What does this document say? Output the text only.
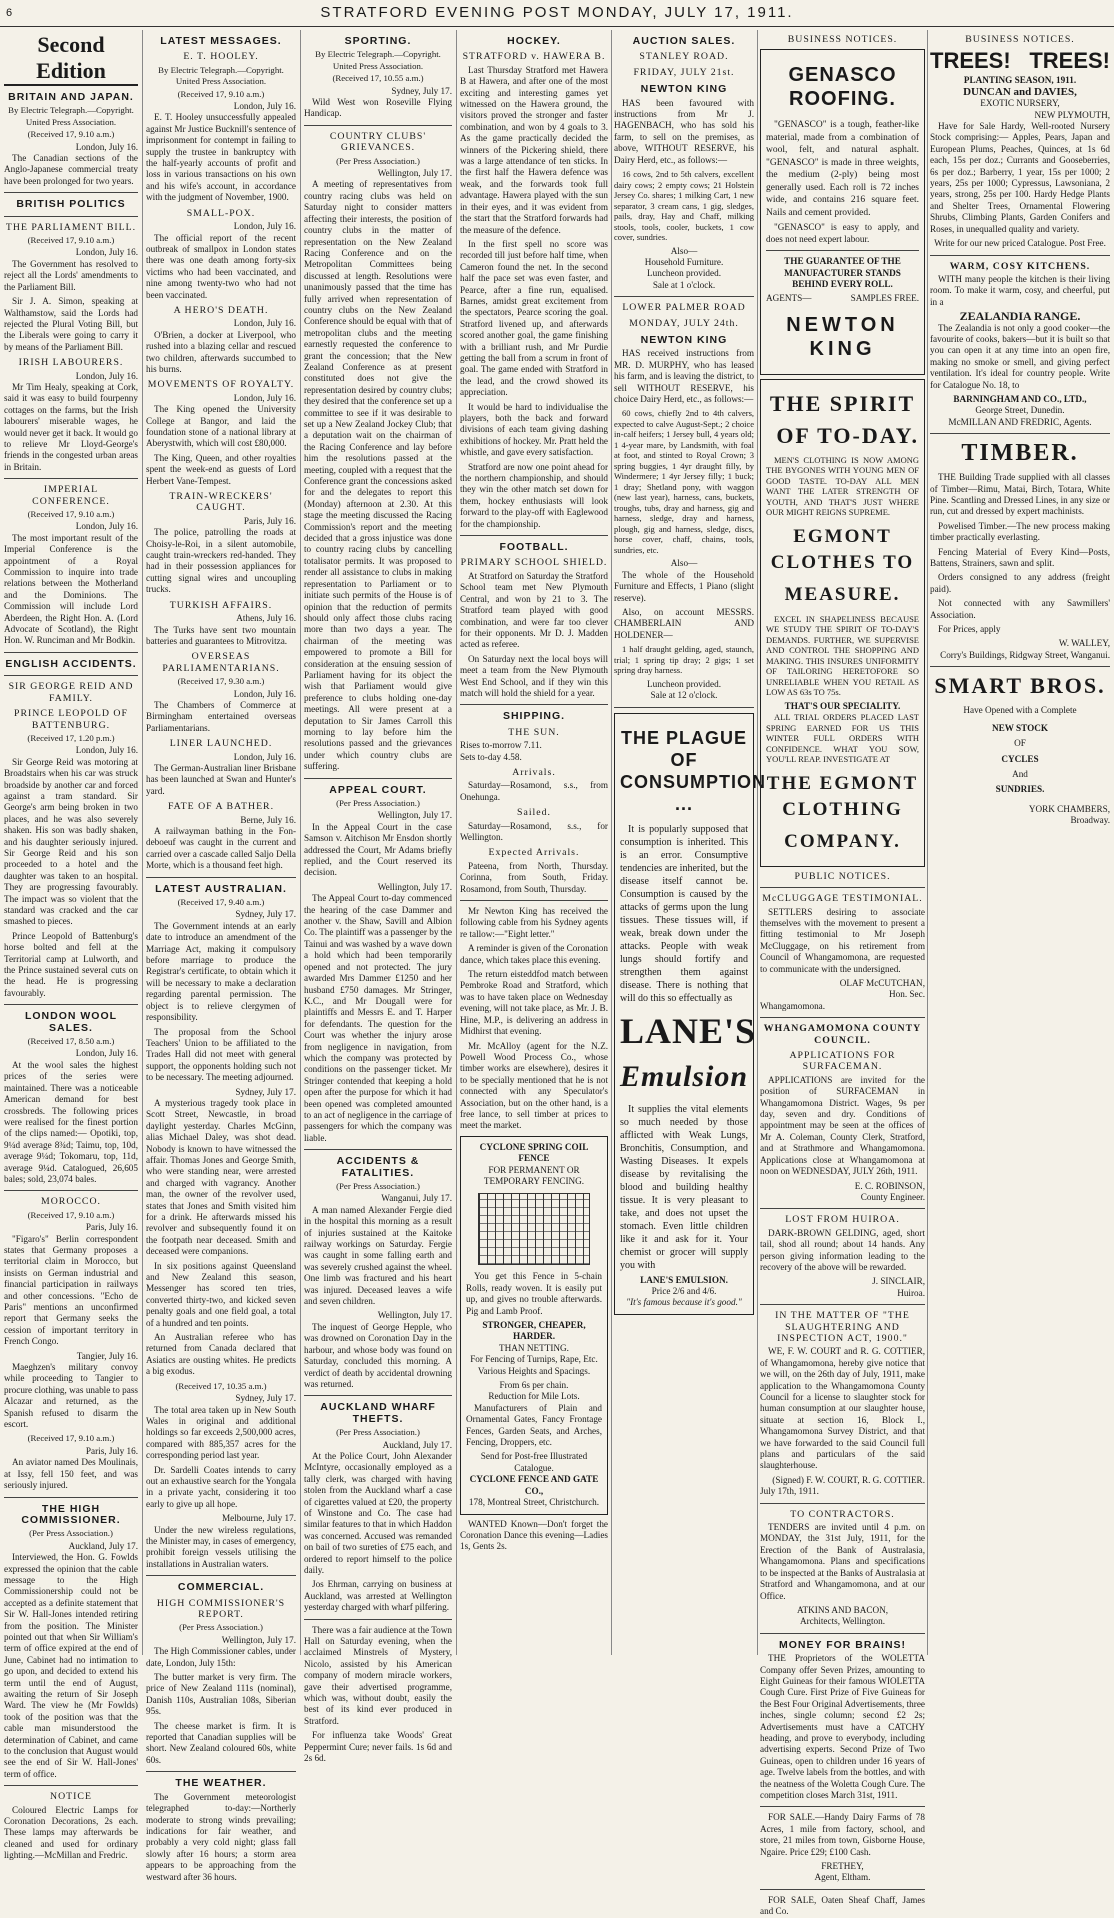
6	STRATFORD EVENING POST MONDAY, JULY 17, 1911.
Second Edition
BRITAIN AND JAPAN.
By Electric Telegraph.—Copyright. United Press Association.
(Received 17, 9.10 a.m.)
London, July 16.

The Canadian sections of the Anglo-Japanese commercial treaty have been prolonged for two years.

BRITISH POLITICS
THE PARLIAMENT BILL.
(Received 17, 9.10 a.m.)
London, July 16.

The Government has resolved to reject all the Lords' amendments to the Parliament Bill.

Sir J. A. Simon, speaking at Walthamstow, said the Lords had rejected the Plural Voting Bill, but the Liberals were going to carry it by means of the Parliament Bill.

IRISH LABOURERS.
London, July 16.

Mr Tim Healy, speaking at Cork, said it was easy to build fourpenny cottages on the farms, but the Irish labourers' miserable wages, he would never get it back. It would go to relieve Mr Lloyd-George's friends in the congested urban areas in Britain.

IMPERIAL CONFERENCE.
(Received 17, 9.10 a.m.)
London, July 16.

The most important result of the Imperial Conference is the appointment of a Royal Commission to inquire into trade relations between the Motherland and the Dominions. The Commission will include Lord Aberdeen, the Right Hon. A. (Lord Advocate of Scotland), the Right Hon. W. Runciman and Mr Bodkin.

ENGLISH ACCIDENTS.
SIR GEORGE REID AND FAMILY.
PRINCE LEOPOLD OF BATTENBURG.
(Received 17, 1.20 p.m.)
London, July 16.

Sir George Reid was motoring at Broadstairs when his car was struck broadside by another car and forced against a tram standard. Sir George's arm being broken in two places, and he was also severely shaken. His son was badly shaken, and his daughter seriously injured. Sir George Reid and his son proceeded to a hotel and the daughter was taken to an hospital. They are progressing favourably. The impact was so violent that the standard was cracked and the car smashed to pieces.

Prince Leopold of Battenburg's horse bolted and fell at the Territorial camp at Lulworth, and the Prince sustained several cuts on the head. He is progressing favourably.

LONDON WOOL SALES.
(Received 17, 8.50 a.m.)
London, July 16.

At the wool sales the highest prices of the series were maintained. There was a noticeable American demand for best crossbreds. The following prices were realised for the finest portion of the clips named:— Opotiki, top, 9¼d average 8¾d; Taimu, top, 10d, average 9¼d; Tokomaru, top, 11d, average 9¼d. Catalogued, 26,605 bales; sold, 23,074 bales.

MOROCCO.
(Received 17, 9.10 a.m.)
Paris, July 16.

"Figaro's" Berlin correspondent states that Germany proposes a territorial claim in Morocco, but insists on German industrial and financial participation in railways and other concessions. "Echo de Paris" mentions an unconfirmed report that Germany seeks the cession of important territory in French Congo.

Tangier, July 16.

Maeghzen's military convoy while proceeding to Tangier to procure clothing, was unable to pass Alcazar and returned, as the Spanish refused to disarm the escort.

(Received 17, 9.10 a.m.)
Paris, July 16.

An aviator named Des Moulinais, at Issy, fell 150 feet, and was seriously injured.

THE HIGH COMMISSIONER.
(Per Press Association.)
Auckland, July 17.

Interviewed, the Hon. G. Fowlds expressed the opinion that the cable message to the High Commissionership could not be accepted as a definite statement that Sir W. Hall-Jones intended retiring from the position. The Minister pointed out that when Sir William's term of office expired at the end of June, Cabinet had no intimation to go upon, and decided to extend his term until the end of August, awaiting the return of Sir Joseph Ward. The view he (Mr Fowlds) took of the position was that the cable man misunderstood the determination of Cabinet, and came to the conclusion that August would see the end of Sir W. Hall-Jones' term of office.

NOTICE

Coloured Electric Lamps for Coronation Decorations, 2s each. These lamps may afterwards be cleaned and used for ordinary lighting.—McMillan and Fredric.

LATEST MESSAGES.
E. T. HOOLEY.
By Electric Telegraph.—Copyright. United Press Association.
(Received 17, 9.10 a.m.)
London, July 16.

E. T. Hooley unsuccessfully appealed against Mr Justice Bucknill's sentence of imprisonment for contempt in failing to supply the trustee in bankruptcy with the half-yearly accounts of profit and loss in various transactions on his own and his wife's account, in accordance with the judgment of November, 1900.

SMALL-POX.
London, July 16.

The official report of the recent outbreak of smallpox in London states there was one death among forty-six victims who had been vaccinated, and nine among twenty-two who had not been vaccinated.

A HERO'S DEATH.
London, July 16.

O'Brien, a docker at Liverpool, who rushed into a blazing cellar and rescued two children, afterwards succumbed to his burns.

MOVEMENTS OF ROYALTY.
London, July 16.

The King opened the University College at Bangor, and laid the foundation stone of a national library at Aberystwith, which will cost £80,000.

The King, Queen, and other royalties spent the week-end as guests of Lord Herbert Vane-Tempest.

TRAIN-WRECKERS' CAUGHT.
Paris, July 16.

The police, patrolling the roads at Choisy-le-Roi, in a silent automobile, caught train-wreckers red-handed. They had in their possession appliances for cutting signal wires and uncoupling trucks.

TURKISH AFFAIRS.
Athens, July 16.

The Turks have sent two mountain batteries and guarantees to Mitrovitza.

OVERSEAS PARLIAMENTARIANS.
(Received 17, 9.30 a.m.)
London, July 16.

The Chambers of Commerce at Birmingham entertained overseas Parliamentarians.

LINER LAUNCHED.
London, July 16.

The German-Australian liner Brisbane has been launched at Swan and Hunter's yard.

FATE OF A BATHER.
Berne, July 16.

A railwayman bathing in the Fon-deboeuf was caught in the current and carried over a cascade called Saljo Della Morte, which is a thousand feet high.

LATEST AUSTRALIAN.
(Received 17, 9.40 a.m.)
Sydney, July 17.

The Government intends at an early date to introduce an amendment of the Marriage Act, making it compulsory before marriage to produce the Registrar's certificate, to obtain which it will be necessary to make a declaration regarding parental permission. The object is to relieve clergymen of responsibility.

The proposal from the School Teachers' Union to be affiliated to the Trades Hall did not meet with general support, the opponents holding such not to be necessary. The meeting adjourned.

Sydney, July 17.

A mysterious tragedy took place in Scott Street, Newcastle, in broad daylight yesterday. Charles McGinn, alias Michael Daley, was shot dead. Nobody is known to have witnessed the affair. Thomas Jones and George Smith, who were standing near, were arrested and charged with vagrancy. Another man, the owner of the revolver used, states that Jones and Smith visited him for a drink. He afterwards missed his revolver and subsequently found it on the footpath near deceased. Smith and deceased were companions.

In six positions against Queensland and New Zealand this season, Messenger has scored ten tries, converted thirty-two, and kicked seven penalty goals and one field goal, a total of a hundred and ten points.

An Australian referee who has returned from Canada declared that Asiatics are ousting whites. He predicts a big exodus.

(Received 17, 10.35 a.m.)
Sydney, July 17.

The total area taken up in New South Wales in original and additional holdings so far exceeds 2,500,000 acres, compared with 885,357 acres for the corresponding period last year.

Dr. Sardelli Coates intends to carry out an exhaustive search for the Yongala in a private yacht, considering it too early to give up all hope.

Melbourne, July 17.

Under the new wireless regulations, the Minister may, in cases of emergency, prohibit foreign vessels utilising the installations in Australian waters.

COMMERCIAL.
HIGH COMMISSIONER'S REPORT.
(Per Press Association.)
Wellington, July 17.

The High Commissioner cables, under date, London, July 15th:

The butter market is very firm. The price of New Zealand 111s (nominal), Danish 110s, Australian 108s, Siberian 95s.

The cheese market is firm. It is reported that Canadian supplies will be short. New Zealand coloured 60s, white 60s.

THE WEATHER.

The Government meteorologist telegraphed to-day:—Northerly moderate to strong winds prevailing; indications for fair weather, and probably a very cold night; glass fall slowly after 16 hours; a storm area appears to be approaching from the westward after 36 hours.

SPORTING.
By Electric Telegraph.—Copyright. United Press Association.
(Received 17, 10.55 a.m.)
Sydney, July 17.

Wild West won Roseville Flying Handicap.

COUNTRY CLUBS' GRIEVANCES.
(Per Press Association.)
Wellington, July 17.

A meeting of representatives from country racing clubs was held on Saturday night to consider matters affecting their interests, the position of country clubs in the matter of representation on the New Zealand Racing Conference and on the Metropolitan Committees being discussed at length. Resolutions were unanimously passed that the time has fully arrived when representation of country clubs on the New Zealand Conference should be equal with that of metropolitan clubs and the meeting earnestly requested the conference to grant the concession; that the New Zealand Conference as at present constituted does not give the representation desired by country clubs; they desired that the conference set up a committee to see if it was desirable to set up a New Zealand Jockey Club; that a deputation wait on the chairman of the Racing Conference and lay before him the resolutions passed at the meeting, coupled with a request that the Conference grant the concessions asked for and the delegates to report this (Monday) afternoon at 2.30. At this stage the meeting discussed the Racing Commission's report and the meeting decided that a gross injustice was done to country racing clubs by cancelling totalisator permits. It was proposed to render all assistance to clubs in making representation to Parliament or to initiate such permits of the House is of opinion that the reduction of permits should only affect those clubs racing more than two days a year. The chairman of the meeting was empowered to promote a Bill for consideration at the ensuing session of Parliament having for its object the wish that Parliament would give preference to clubs holding one-day meetings. All were present at a deputation to Sir James Carroll this morning to lay before him the resolutions passed and the grievances under which country clubs are suffering.

APPEAL COURT.
(Per Press Association.)
Wellington, July 17.

In the Appeal Court in the case Samson v. Aitchison Mr Ensdon shortly addressed the Court, Mr Adams briefly replied, and the Court reserved its decision.

Wellington, July 17.

The Appeal Court to-day commenced the hearing of the case Dammer and another v. the Shaw, Savill and Albion Co. The plaintiff was a passenger by the Tainui and was washed by a wave down a hold which had been temporarily opened and not protected. The jury awarded Mrs Dammer £1250 and her husband £750 damages. Mr Stringer, K.C., and Mr Dougall were for plaintiffs and Messrs E. and T. Harper for defendants. The question for the Court was whether the injury arose from negligence in navigation, from which the company was protected by conditions on the passenger ticket. Mr Stringer contended that keeping a hold open after the purpose for which it had been opened was completed amounted to an act of negligence in the carriage of passengers for which the company was liable.

ACCIDENTS & FATALITIES.
(Per Press Association.)
Wanganui, July 17.

A man named Alexander Fergie died in the hospital this morning as a result of injuries sustained at the Kaitoke railway workings on Saturday. Fergie was caught in some falling earth and was severely crushed against the wheel. One limb was fractured and his heart was injured. Deceased leaves a wife and seven children.

Wellington, July 17.

The inquest of George Hepple, who was drowned on Coronation Day in the harbour, and whose body was found on Saturday, concluded this morning. A verdict of death by accidental drowning was returned.

AUCKLAND WHARF THEFTS.
(Per Press Association.)
Auckland, July 17.

At the Police Court, John Alexander McIntyre, occasionally employed as a tally clerk, was charged with having stolen from the Auckland wharf a case of cigarettes valued at £20, the property of Winstone and Co. The case had similar features to that in which Haddon was concerned. Accused was remanded on bail of two sureties of £75 each, and ordered to report himself to the police daily.

Jos Ehrman, carrying on business at Auckland, was arrested at Wellington yesterday charged with wharf pilfering.

There was a fair audience at the Town Hall on Saturday evening, when the acclaimed Minstrels of Mystery, Nicolo, assisted by his American company of modern miracle workers, gave their advertised programme, which was, without doubt, easily the best of its kind ever produced in Stratford.

For influenza take Woods' Great Peppermint Cure; never fails. 1s 6d and 2s 6d.

HOCKEY.
STRATFORD v. HAWERA B.

Last Thursday Stratford met Hawera B at Hawera, and after one of the most exciting and interesting games yet witnessed on the Hawera ground, the visitors proved the stronger and faster combination, and won by 4 goals to 3. As the game practically decided the winners of the Pickering shield, there was a large attendance of ten sticks. In the first half the Hawera defence was weak, and the forwards took full advantage. Hawera played with the sun in their eyes, and it was evident from the start that the Stratford forwards had the measure of the defence.

In the first spell no score was recorded till just before half time, when Cameron found the net. In the second half the pace set was even faster, and Pearce, after a fine run, equalised. Barnes, amidst great excitement from the spectators, Pearce scoring the goal. Stratford livened up, and afterwards scored another goal, the game finishing with a brilliant rush, and Mr Purdie getting the ball from a scrum in front of goal. The game ended with Stratford in the lead, and the crowd showed its appreciation.

It would be hard to individualise the players, both the back and forward divisions of each team giving dashing exhibitions of hockey. Mr. Pratt held the whistle, and gave every satisfaction.

Stratford are now one point ahead for the northern championship, and should they win the other match set down for them, hockey enthusiasts will look forward to the play-off with Eaglewood for the championship.

FOOTBALL.
PRIMARY SCHOOL SHIELD.

At Stratford on Saturday the Stratford School team met New Plymouth Central, and won by 21 to 3. The Stratford team played with good combination, and were far too clever for their opponents. Mr D. J. Madden acted as referee.

On Saturday next the local boys will meet a team from the New Plymouth West End School, and if they win this match will hold the shield for a year.

SHIPPING.
THE SUN.
Rises to-morrow 7.11.
Sets to-day 4.58.
Arrivals.

Saturday—Rosamond, s.s., from Onehunga.

Sailed.

Saturday—Rosamond, s.s., for Wellington.

Expected Arrivals.

Pateena, from North, Thursday. Corinna, from South, Friday. Rosamond, from South, Thursday.

Mr Newton King has received the following cable from his Sydney agents re tallow:—"Eight letter."

A reminder is given of the Coronation dance, which takes place this evening.

The return eisteddfod match between Pembroke Road and Stratford, which was to have taken place on Wednesday evening, will not take place, as Mr. J. B. Hine, M.P., is delivering an address in Midhirst that evening.

Mr. McAlloy (agent for the N.Z. Powell Wood Process Co., whose timber works are elsewhere), desires it to be specially mentioned that he is not connected with any Speculator's Association, but on the other hand, is a free lance, to sell timber at prices to meet the market.

CYCLONE SPRING COIL FENCE
FOR PERMANENT OR
TEMPORARY FENCING.

You get this Fence in 5-chain Rolls, ready woven. It is easily put up, and gives no trouble afterwards. Pig and Lamb Proof.

STRONGER, CHEAPER, HARDER.
THAN NETTING.

For Fencing of Turnips, Rape, Etc. Various Heights and Spacings.

From 6s per chain.
Reduction for Mile Lots.

Manufacturers of Plain and Ornamental Gates, Fancy Frontage Fences, Garden Seats, and Arches, Fencing, Droppers, etc.

Send for Post-free Illustrated Catalogue.
CYCLONE FENCE AND GATE CO.,
178, Montreal Street, Christchurch.

WANTED Known—Don't forget the Coronation Dance this evening—Ladies 1s, Gents 2s.

AUCTION SALES.
STANLEY ROAD.
FRIDAY, JULY 21st.
NEWTON KING

HAS been favoured with instructions from Mr J. HAGENBACH, who has sold his farm, to sell on the premises, as above, WITHOUT RESERVE, his Dairy Herd, etc., as follows:—

16 cows, 2nd to 5th calvers, excellent dairy cows; 2 empty cows; 21 Holstein Jersey Co. shares; 1 milking Cart, 1 new separator, 3 cream cans, 1 gig, sledges, pails, dray, Hay and Chaff, milking stools, tools, cooler, buckets, 1 cow cover, sundries.

Also—
Household Furniture.
Luncheon provided.
Sale at 1 o'clock.
LOWER PALMER ROAD
MONDAY, JULY 24th.
NEWTON KING

HAS received instructions from MR. D. MURPHY, who has leased his farm, and is leaving the district, to sell WITHOUT RESERVE, his choice Dairy Herd, etc., as follows:—

60 cows, chiefly 2nd to 4th calvers, expected to calve August-Sept.; 2 choice in-calf heifers; 1 Jersey bull, 4 years old; 1 4-year mare, by Landsmith, with foal at foot, and stinted to Royal Crown; 3 spring buggies, 1 4yr draught filly, by Windermere; 1 4yr Jersey filly; 1 buck; 1 dray; Shetland pony, with waggon (new last year), harness, cans, buckets, troughs, tubs, dray and harness, gig and harness, sledge, dray and harness, plough, gig and harness, sledge, discs, horse cover, chaff, chains, tools, sundries, etc.

Also—

The whole of the Household Furniture and Effects, 1 Piano (slight reserve).

Also, on account MESSRS. CHAMBERLAIN AND HOLDENER—

1 half draught gelding, aged, staunch, trial; 1 spring tip dray; 2 gigs; 1 set spring dray harness.

Luncheon provided.
Sale at 12 o'clock.
THE PLAGUE OF CONSUMPTION ...

It is popularly supposed that consumption is inherited. This is an error. Consumptive tendencies are inherited, but the disease itself cannot be. Consumption is caused by the attacks of germs upon the lung tissues. These tissues will, if weak, break down under the attacks. People with weak lungs should fortify and strengthen them against disease. There is nothing that will do this so effectually as

LANE'S
Emulsion

It supplies the vital elements so much needed by those afflicted with Weak Lungs, Bronchitis, Consumption, and Wasting Diseases. It expels disease by revitalising the blood and building healthy tissue. It is very pleasant to take, and does not upset the stomach. Even little children like it and ask for it. Your chemist or grocer will supply you with

LANE'S EMULSION.
Price 2/6 and 4/6.
"It's famous because it's good."
BUSINESS NOTICES.
GENASCO ROOFING.

"GENASCO" is a tough, feather-like material, made from a combination of wool, felt, and natural asphalt. "GENASCO" is made in three weights, the medium (2-ply) being most generally used. Each roll is 72 inches wide, and contains 216 square feet. Nails and cement provided.

"GENASCO" is easy to apply, and does not need expert labour.

THE GUARANTEE OF THE MANUFACTURER STANDS BEHIND EVERY ROLL.

AGENTS—	SAMPLES FREE.
NEWTON KING
THE SPIRIT
OF TO-DAY.

MEN'S CLOTHING IS NOW AMONG THE BYGONES WITH YOUNG MEN OF GOOD TASTE. TO-DAY ALL MEN WANT THE LATER STRENGTH OF YOUTH, AND THAT'S JUST WHERE OUR MIGHT REIGNS SUPREME.

EGMONT CLOTHES TO
MEASURE.

EXCEL IN SHAPELINESS BECAUSE WE STUDY THE SPIRIT OF TO-DAY'S DEMANDS. FURTHER, WE SUPERVISE AND CONTROL THE SHOPPING AND MAKING. THIS INSURES UNIFORMITY OF TAILORING HERETOFORE SO UNRELIABLE WHEN YOU RETAIL AS LOW AS 63s TO 75s.

THAT'S OUR SPECIALITY.

ALL TRIAL ORDERS PLACED LAST SPRING EARNED FOR US THIS WINTER FULL ORDERS WITH CONFIDENCE. WHAT YOU SOW, YOU'LL REAP. INVESTIGATE AT

THE EGMONT CLOTHING
COMPANY.
PUBLIC NOTICES.
McCLUGGAGE TESTIMONIAL.

SETTLERS desiring to associate themselves with the movement to present a fitting testimonial to Mr Joseph McCluggage, on his retirement from Council of Whangamomona, are requested to communicate with the undersigned.

OLAF McCUTCHAN,
Hon. Sec.
Whangamomona.
WHANGAMOMONA COUNTY COUNCIL.
APPLICATIONS FOR SURFACEMAN.

APPLICATIONS are invited for the position of SURFACEMAN in Whangamomona District. Wages, 9s per day, seven and dry. Conditions of appointment may be seen at the offices of Mr A. Coleman, County Clerk, Stratford, and at Strathmore and Whangamomona. Applications close at Whangamomona at noon on WEDNESDAY, JULY 26th, 1911.

E. C. ROBINSON,
County Engineer.
LOST FROM HUIROA.

DARK-BROWN GELDING, aged, short tail, shod all round; about 14 hands. Any person giving information leading to the recovery of the above will be rewarded.

J. SINCLAIR,
Huiroa.
IN THE MATTER OF "THE SLAUGHTERING AND INSPECTION ACT, 1900."

WE, F. W. COURT and R. G. COTTIER, of Whangamomona, hereby give notice that we will, on the 26th day of July, 1911, make application to the Whangamomona County Council for a license to slaughter stock for human consumption at our slaughter house, situate at section 16, Block I., Whangamomona Survey District, and that we have forwarded to the said Council full plans and particulars of the said slaughterhouse.

(Signed) F. W. COURT, R. G. COTTIER.
July 17th, 1911.
TO CONTRACTORS.

TENDERS are invited until 4 p.m. on MONDAY, the 31st July, 1911, for the Erection of the Bank of Australasia, Whangamomona. Plans and specifications to be inspected at the Banks of Australasia at Stratford and Whangamomona, and at our Office.

ATKINS AND BACON,
Architects, Wellington.
MONEY FOR BRAINS!

THE Proprietors of the WOLETTA Company offer Seven Prizes, amounting to Eight Guineas for their famous WIOLETTA Cough Cure. First Prize of Five Guineas for the Best Four Original Advertisements, three inches, single column; second £2 2s; Advertisements must have a CATCHY heading, and prove to everybody, including advertising experts. Second Prize of Two Guineas, open to children under 16 years of age. Twelve labels from the bottles, and with the neatness of the Woletta Cough Cure. The competition closes March 31st, 1911.

FOR SALE.—Handy Dairy Farms of 78 Acres, 1 mile from factory, school, and store, 21 miles from town, Gisborne House, Ngaire. Price £29; £100 Cash.

FRETHEY,
Agent, Eltham.

FOR SALE, Oaten Sheaf Chaff, James and Co.

BUSINESS NOTICES.
TREES! TREES!
PLANTING SEASON, 1911.
DUNCAN and DAVIES,
EXOTIC NURSERY,
NEW PLYMOUTH,

Have for Sale Hardy, Well-rooted Nursery Stock comprising:— Apples, Pears, Japan and European Plums, Peaches, Quinces, at 1s 6d each, 15s per doz.; Currants and Gooseberries, 6s per doz.; Barberry, 1 year, 15s per 1000; 2 years, 25s per 1000; Cypressus, Lawsoniana, 2 years, strong, 25s per 100. Hardy Hedge Plants and Shelter Trees, Ornamental Flowering Shrubs, Climbing Plants, Garden Conifers and Roses, in unequalled quality and variety.

Write for our new priced Catalogue. Post Free.

WARM, COSY KITCHENS.

WITH many people the kitchen is their living room. To make it warm, cosy, and cheerful, put in a

ZEALANDIA RANGE.

The Zealandia is not only a good cooker—the favourite of cooks, bakers—but it is built so that you can open it at any time into an open fire, making no smoke or smell, and giving perfect ventilation. It's ideal for country people. Write for Catalogue No. 18, to

BARNINGHAM AND CO., LTD.,
George Street, Dunedin.
McMILLAN AND FREDRIC, Agents.
TIMBER.

THE Building Trade supplied with all classes of Timber—Rimu, Matai, Birch, Totara, White Pine. Scantling and Dressed Lines, in any size or run, cut and dressed by expert machinists.

Powelised Timber.—The new process making timber practically everlasting.

Fencing Material of Every Kind—Posts, Battens, Strainers, sawn and split.

Orders consigned to any address (freight paid).

Not connected with any Sawmillers' Association.

For Prices, apply

W. WALLEY,
Corry's Buildings, Ridgway Street, Wanganui.
SMART BROS.
Have Opened with a Complete
NEW STOCK
OF
CYCLES
And
SUNDRIES.
YORK CHAMBERS,
Broadway.
